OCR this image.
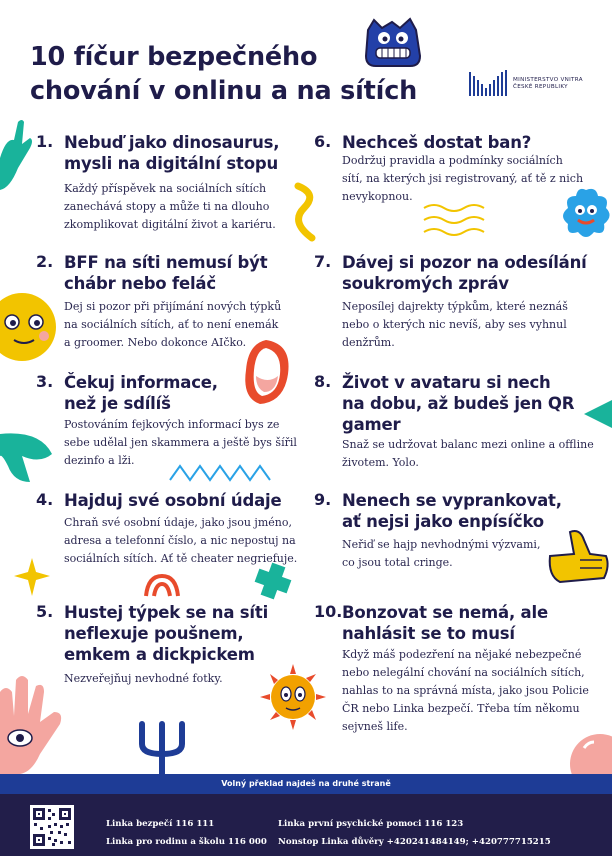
10 fíčur bezpečného
chování v onlinu a na sítích	MINISTERSTVO VNITRA
ČESKÉ REPUBLIKY
1. Nebuď jako dinosaurus,
mysli na digitální stopu
Každý příspěvek na sociálních sítích
zanechává stopy a může ti na dlouho
zkomplikovat digitální život a kariéru.
2. BFF na síti nemusí být
chábr nebo feláč
Dej si pozor při přijímání nových týpků
na sociálních sítích, ať to není enemák
a groomer. Nebo dokonce AIčko.
3. Čekuj informace,
než je sdílíš
Postováním fejkových informací bys ze
sebe udělal jen skammera a ještě bys šířil
dezinfo a lži.
4. Hajduj své osobní údaje
Chraň své osobní údaje, jako jsou jméno,
adresa a telefonní číslo, a nic nepostuj na
sociálních sítích. Ať tě cheater negriefuje.
5. Hustej týpek se na síti
neflexuje poušnem,
emkem a dickpickem
Nezveřejňuj nevhodné fotky.
6. Nechceš dostat ban?
Dodržuj pravidla a podmínky sociálních
sítí, na kterých jsi registrovaný, ať tě z nich
nevykopnou.
7. Dávej si pozor na odesílání
soukromých zpráv
Neposílej dajrekty týpkům, které neznáš
nebo o kterých nic nevíš, aby ses vyhnul
denžrům.
8. Život v avataru si nech
na dobu, až budeš jen QR
gamer
Snaž se udržovat balanc mezi online a offline
životem. Yolo.
9. Nenech se vyprankovat,
ať nejsi jako enpísíčko
Neřiď se hajp nevhodnými výzvami,
co jsou total cringe.
10. Bonzovat se nemá, ale
nahlásit se to musí
Když máš podezření na nějaké nebezpečné
nebo nelegální chování na sociálních sítích,
nahlas to na správná místa, jako jsou Policie
ČR nebo Linka bezpečí. Třeba tím někomu
sejvneš life.
Volný překlad najdeš na druhé straně
Linka bezpečí 116 111
Linka pro rodinu a školu 116 000
Linka první psychické pomoci 116 123
Nonstop Linka důvěry +420241484149; +420777715215
